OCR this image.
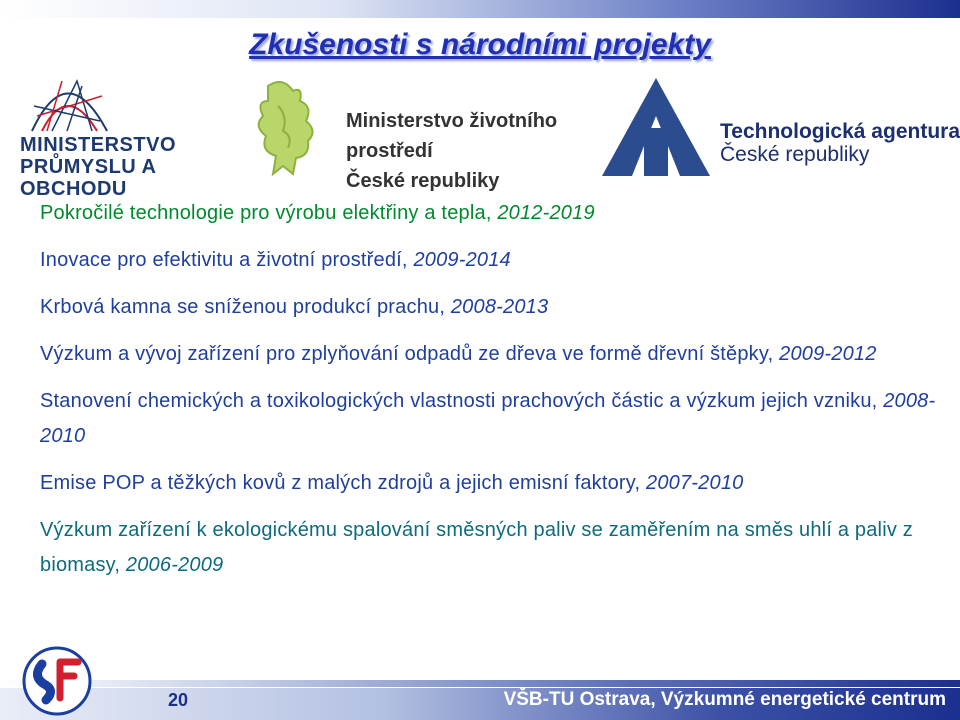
Zkušenosti s národními projekty
MINISTERSTVO
PRŮMYSLU A OBCHODU
Ministerstvo životního prostředí
České republiky
Technologická agentura
České republiky
Pokročilé technologie pro výrobu elektřiny a tepla, 2012-2019
Inovace pro efektivitu a životní prostředí, 2009-2014
Krbová kamna se sníženou produkcí prachu, 2008-2013
Výzkum a vývoj zařízení pro zplyňování odpadů ze dřeva ve formě dřevní štěpky, 2009-2012
Stanovení chemických a toxikologických vlastnosti prachových částic a výzkum jejich vzniku, 2008-2010
Emise POP a těžkých kovů z malých zdrojů a jejich emisní faktory, 2007-2010
Výzkum zařízení k ekologickému spalování směsných paliv se zaměřením na směs uhlí a paliv z biomasy, 2006-2009
20	VŠB-TU Ostrava, Výzkumné energetické centrum
